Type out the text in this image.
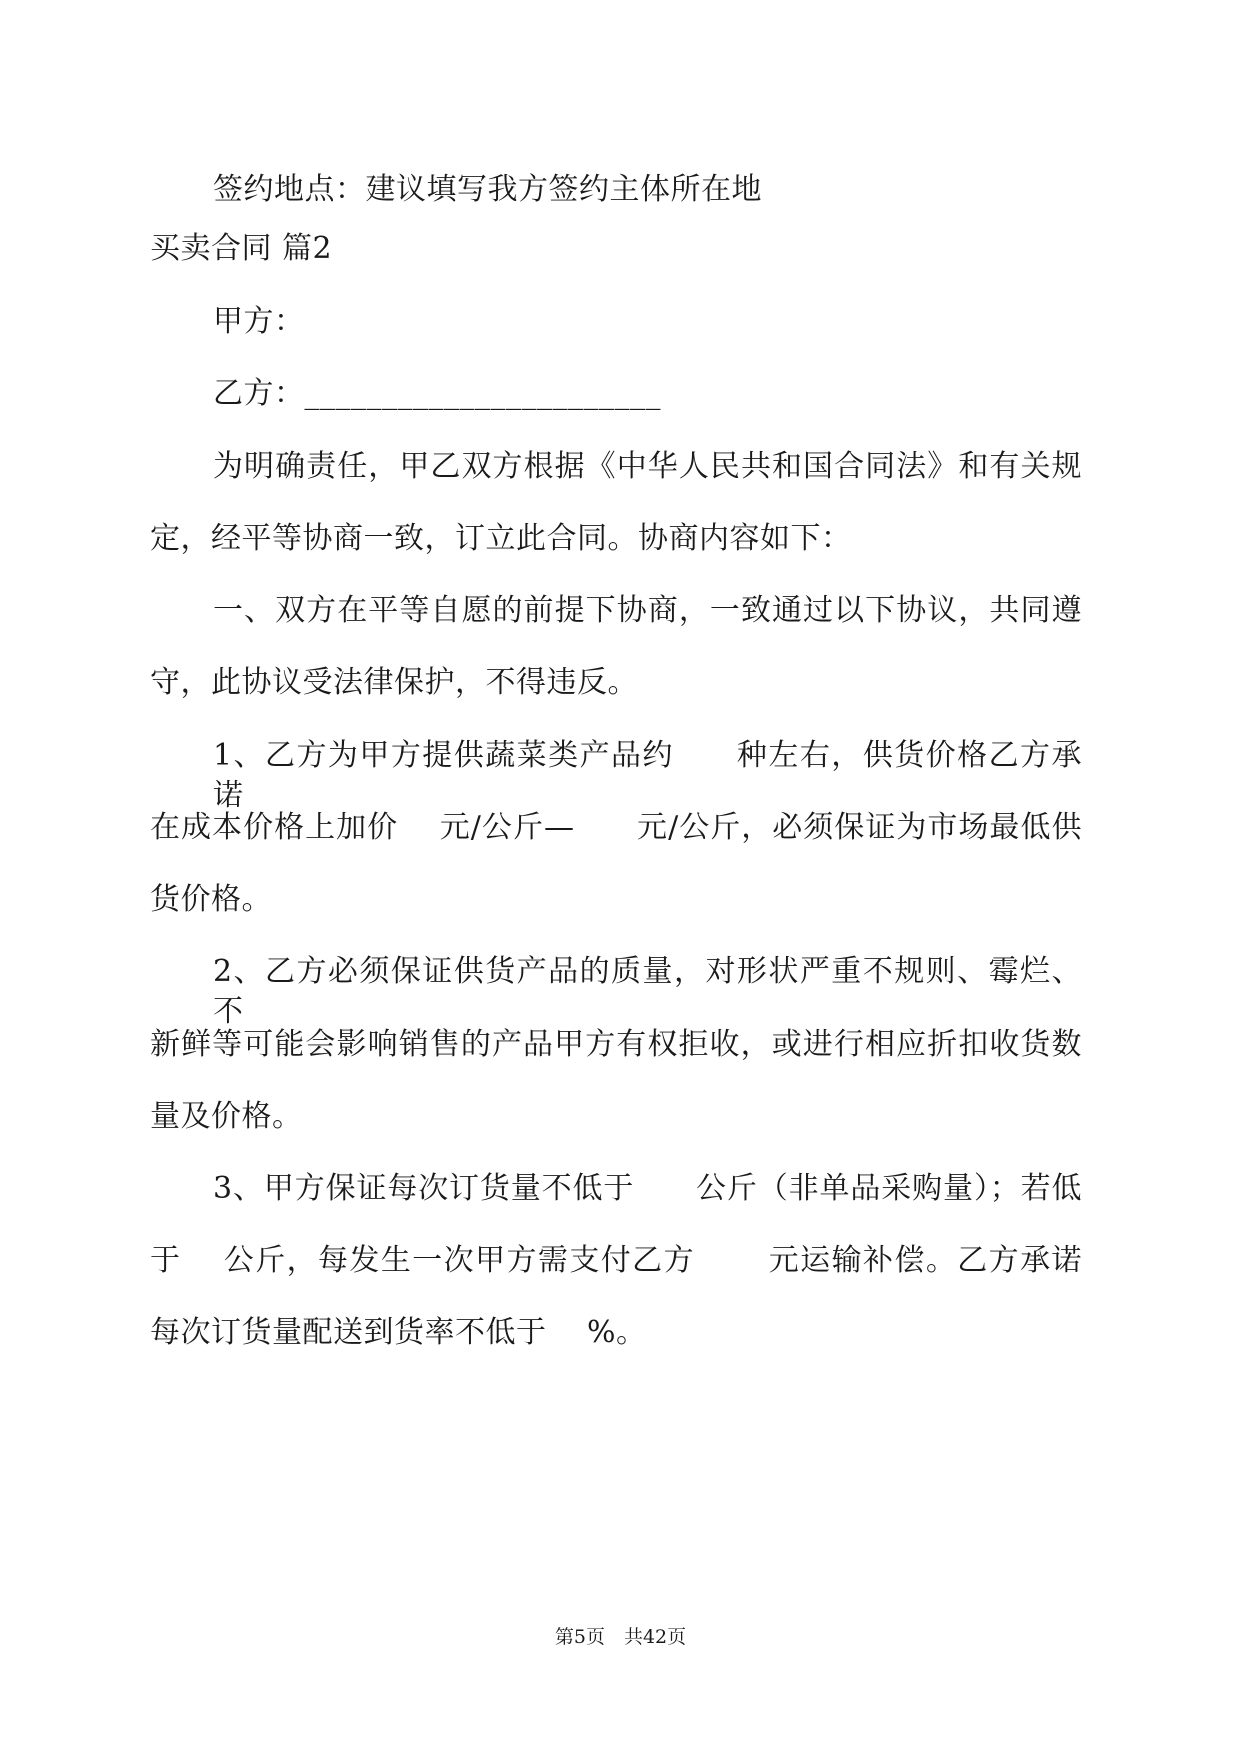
签约地点：建议填写我方签约主体所在地
买卖合同 篇2
甲方：
乙方：_______________________
为明确责任，甲乙双方根据《中华人民共和国合同法》和有关规
定，经平等协商一致，订立此合同。协商内容如下：
一、双方在平等自愿的前提下协商，一致通过以下协议，共同遵
守，此协议受法律保护，不得违反。
1、乙方为甲方提供蔬菜类产品约　　种左右，供货价格乙方承诺
在成本价格上加价　 元/公斤—　　元/公斤，必须保证为市场最低供
货价格。
2、乙方必须保证供货产品的质量，对形状严重不规则、霉烂、不
新鲜等可能会影响销售的产品甲方有权拒收，或进行相应折扣收货数
量及价格。
3、甲方保证每次订货量不低于　　公斤（非单品采购量）；若低
于　 公斤，每发生一次甲方需支付乙方　　 元运输补偿。乙方承诺
每次订货量配送到货率不低于　 %。
第5页　共42页
